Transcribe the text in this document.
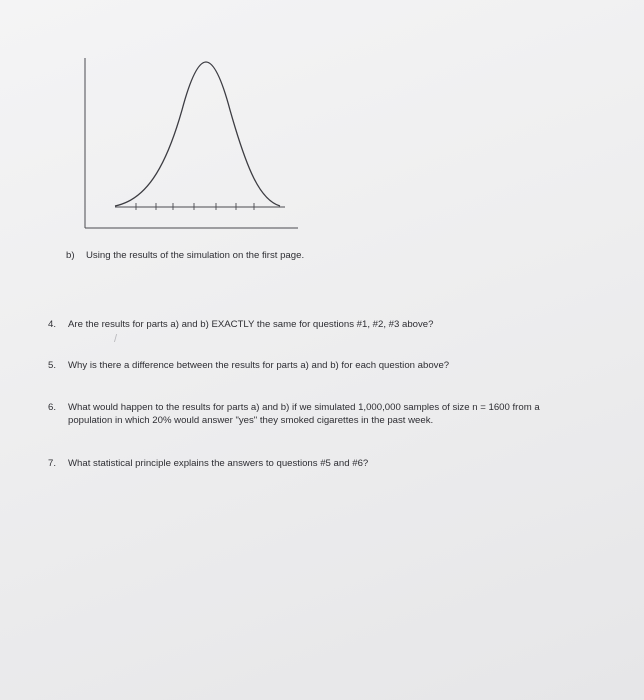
b) Using the results of the simulation on the first page.
4. Are the results for parts a) and b) EXACTLY the same for questions #1, #2, #3 above?
/
5. Why is there a difference between the results for parts a) and b) for each question above?
6. What would happen to the results for parts a) and b) if we simulated 1,000,000 samples of size n = 1600 from a
population in which 20% would answer "yes" they smoked cigarettes in the past week.
7. What statistical principle explains the answers to questions #5 and #6?
